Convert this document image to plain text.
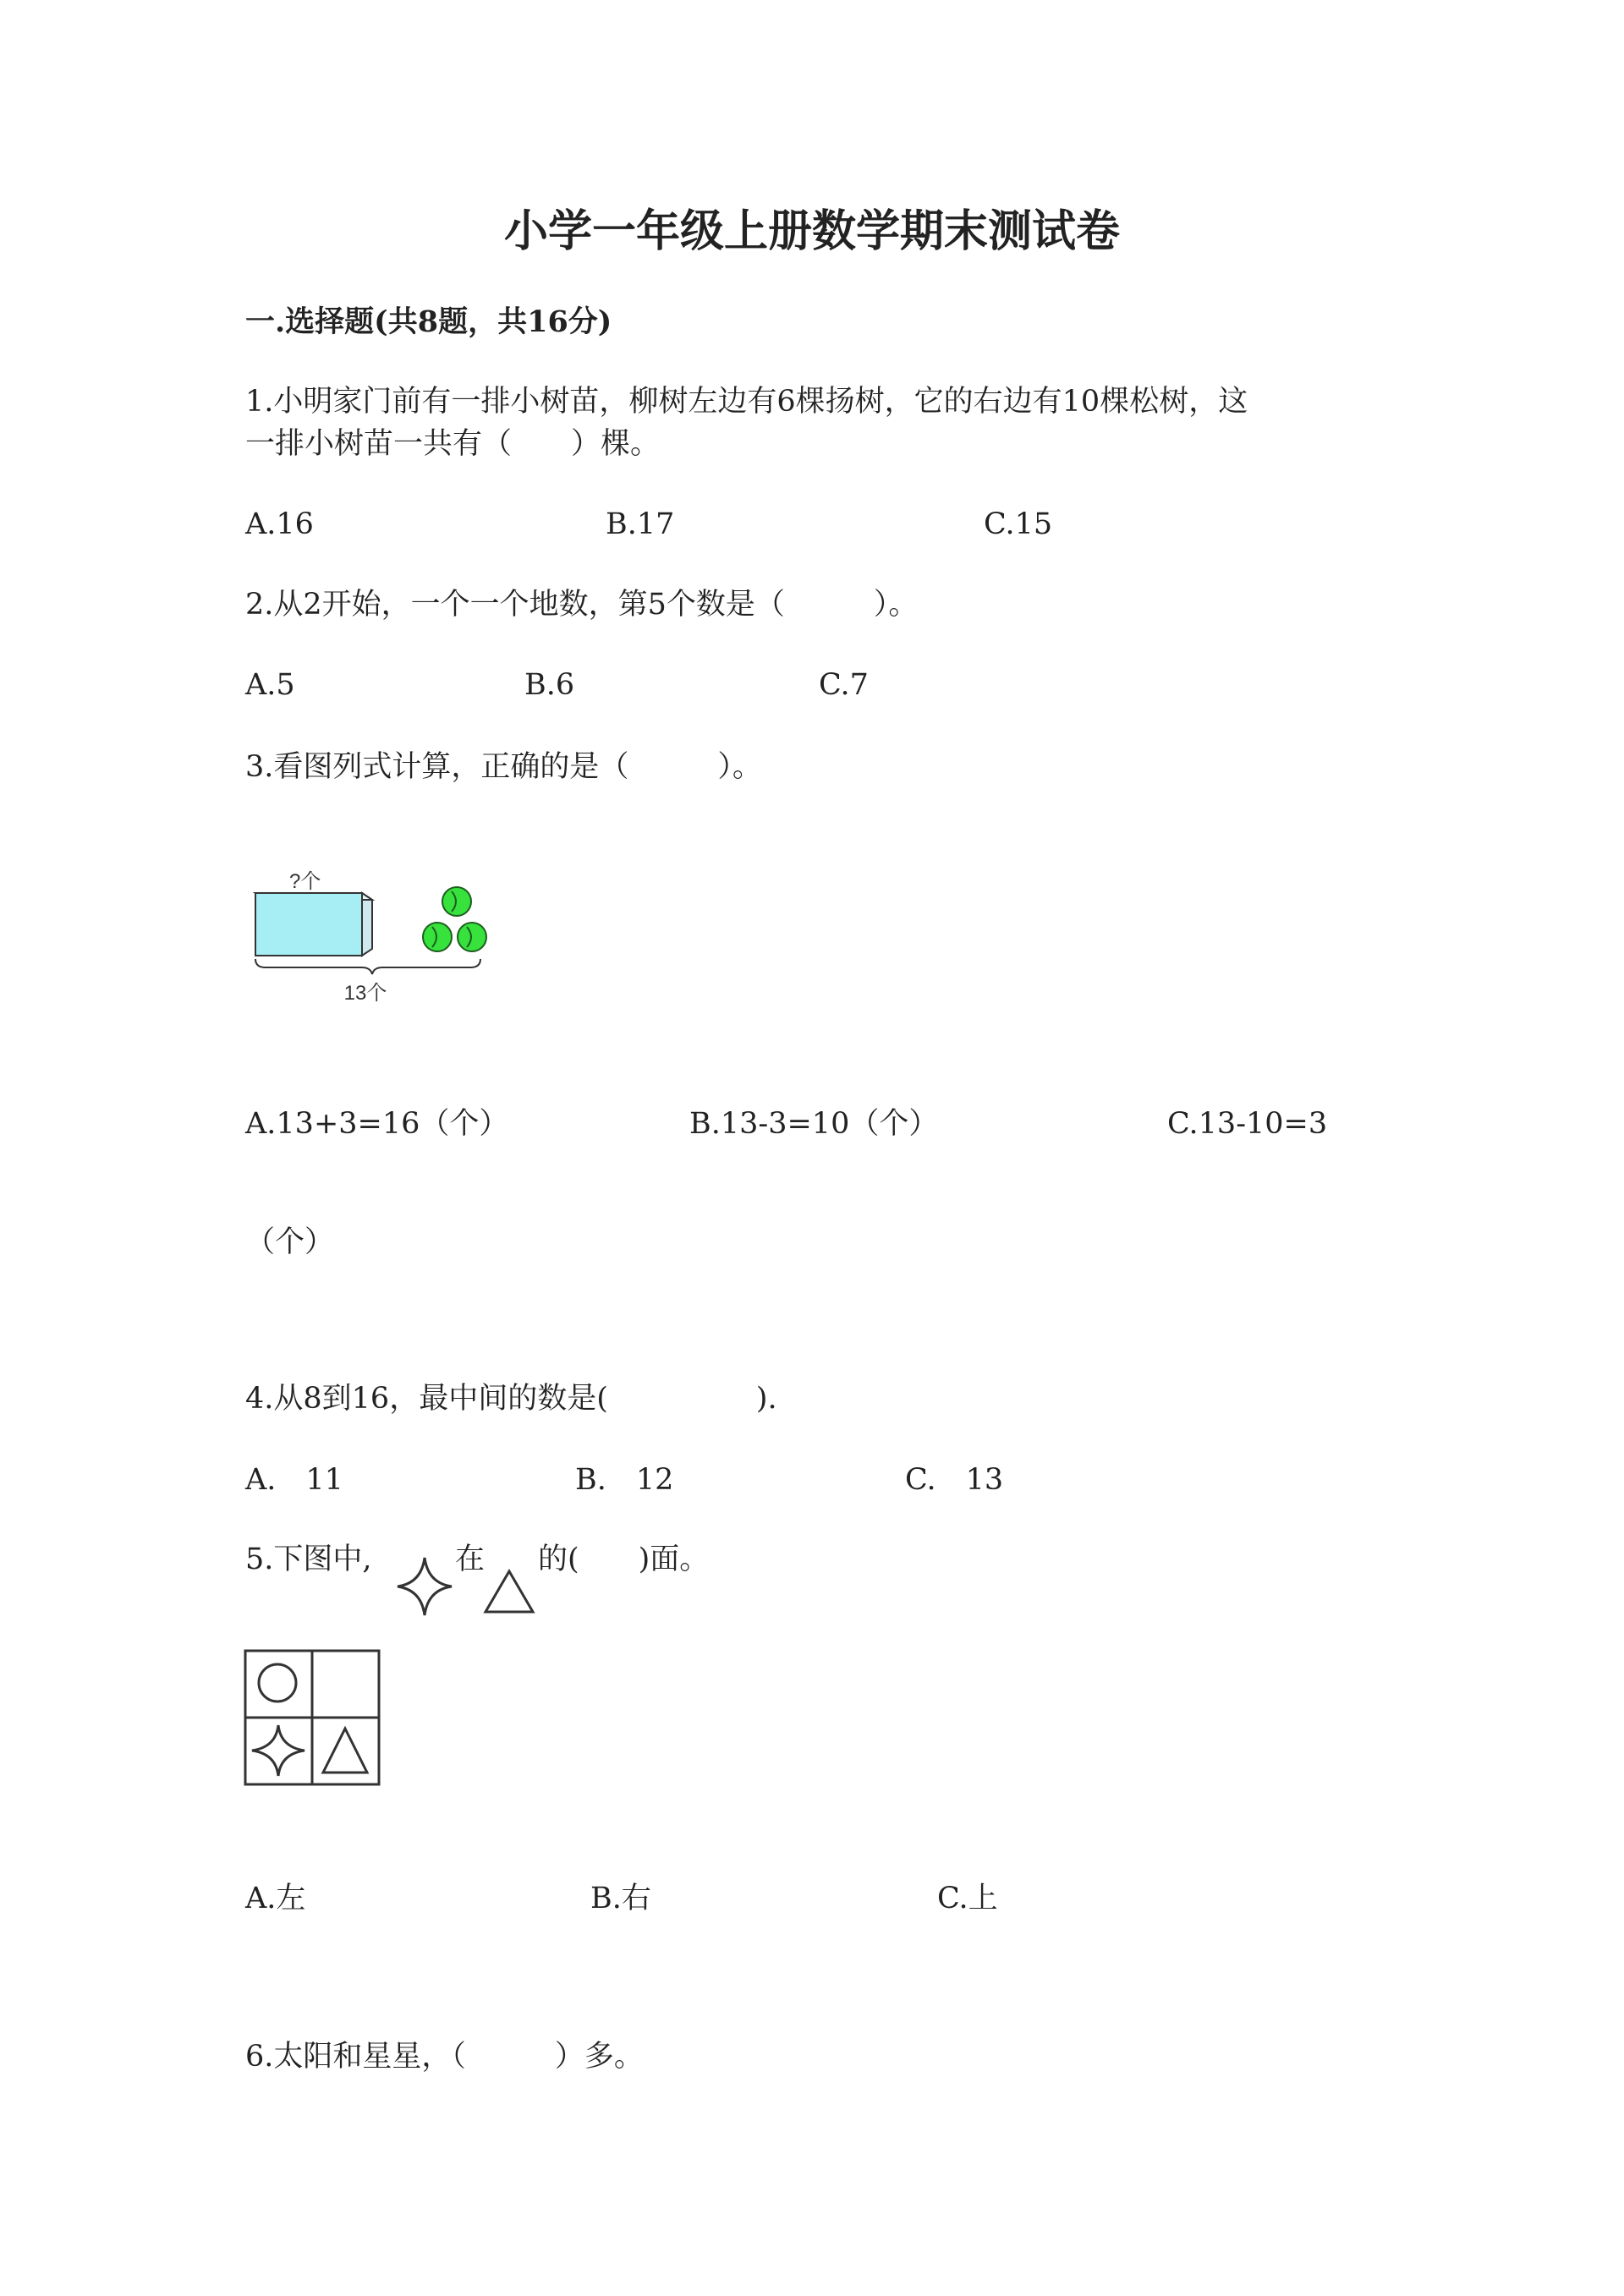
小学一年级上册数学期末测试卷
一.选择题(共8题，共16分)
1.小明家门前有一排小树苗，柳树左边有6棵扬树，它的右边有10棵松树，这
一排小树苗一共有（　　）棵。
A.16	B.17	C.15
2.从2开始，一个一个地数，第5个数是（　　　）。
A.5	B.6	C.7
3.看图列式计算，正确的是（　　　）。
?个
13个
A.13+3=16（个）	B.13-3=10（个）	C.13-10=3
（个）
4.从8到16，最中间的数是(　　　　　).
A.　11	B.　12	C.　13
5.下图中,	在 的(　　)面。
A.左	B.右	C.上
6.太阳和星星，（　　　）多。
